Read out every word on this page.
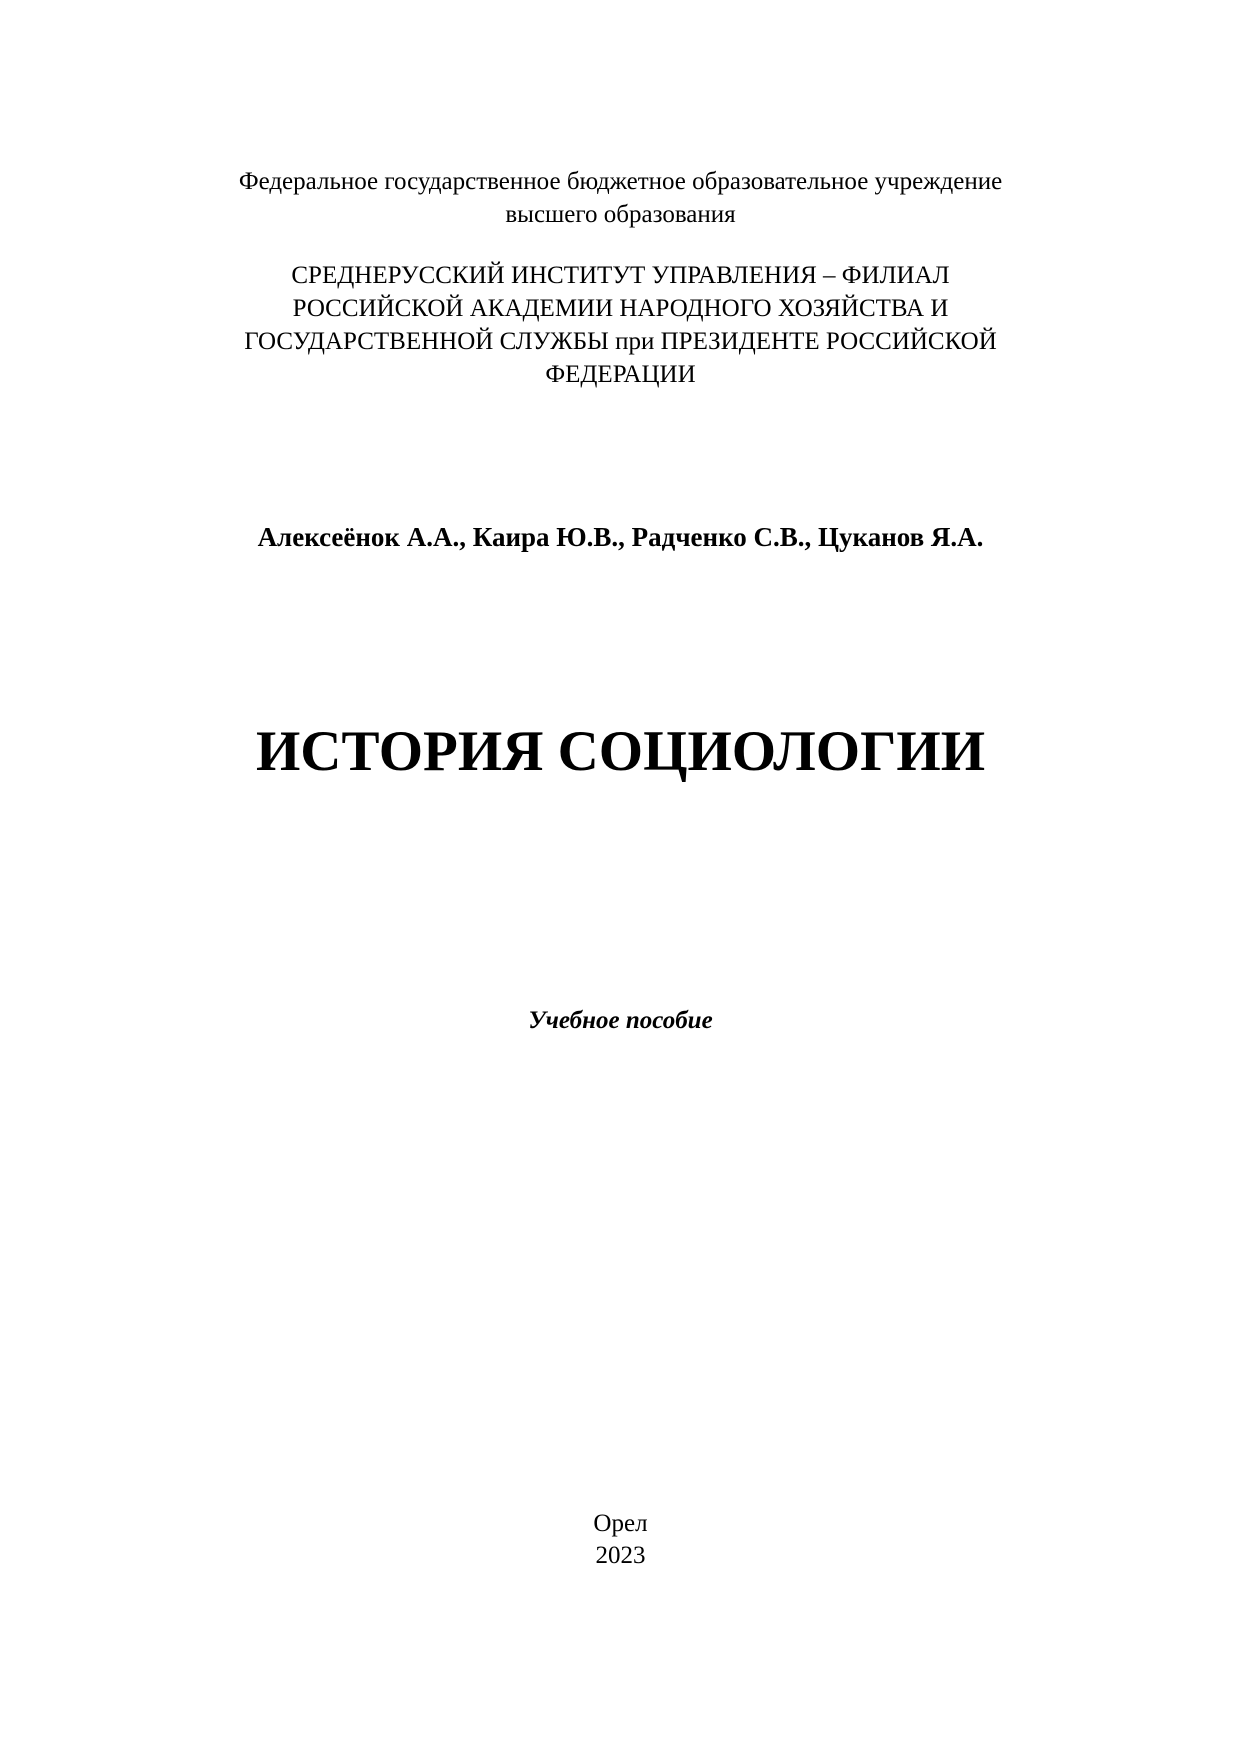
Федеральное государственное бюджетное образовательное учреждение
высшего образования
СРЕДНЕРУССКИЙ ИНСТИТУТ УПРАВЛЕНИЯ – ФИЛИАЛ
РОССИЙСКОЙ АКАДЕМИИ НАРОДНОГО ХОЗЯЙСТВА И
ГОСУДАРСТВЕННОЙ СЛУЖБЫ при ПРЕЗИДЕНТЕ РОССИЙСКОЙ
ФЕДЕРАЦИИ
Алексеёнок А.А., Каира Ю.В., Радченко С.В., Цуканов Я.А.
ИСТОРИЯ СОЦИОЛОГИИ
Учебное пособие
Орел
2023
